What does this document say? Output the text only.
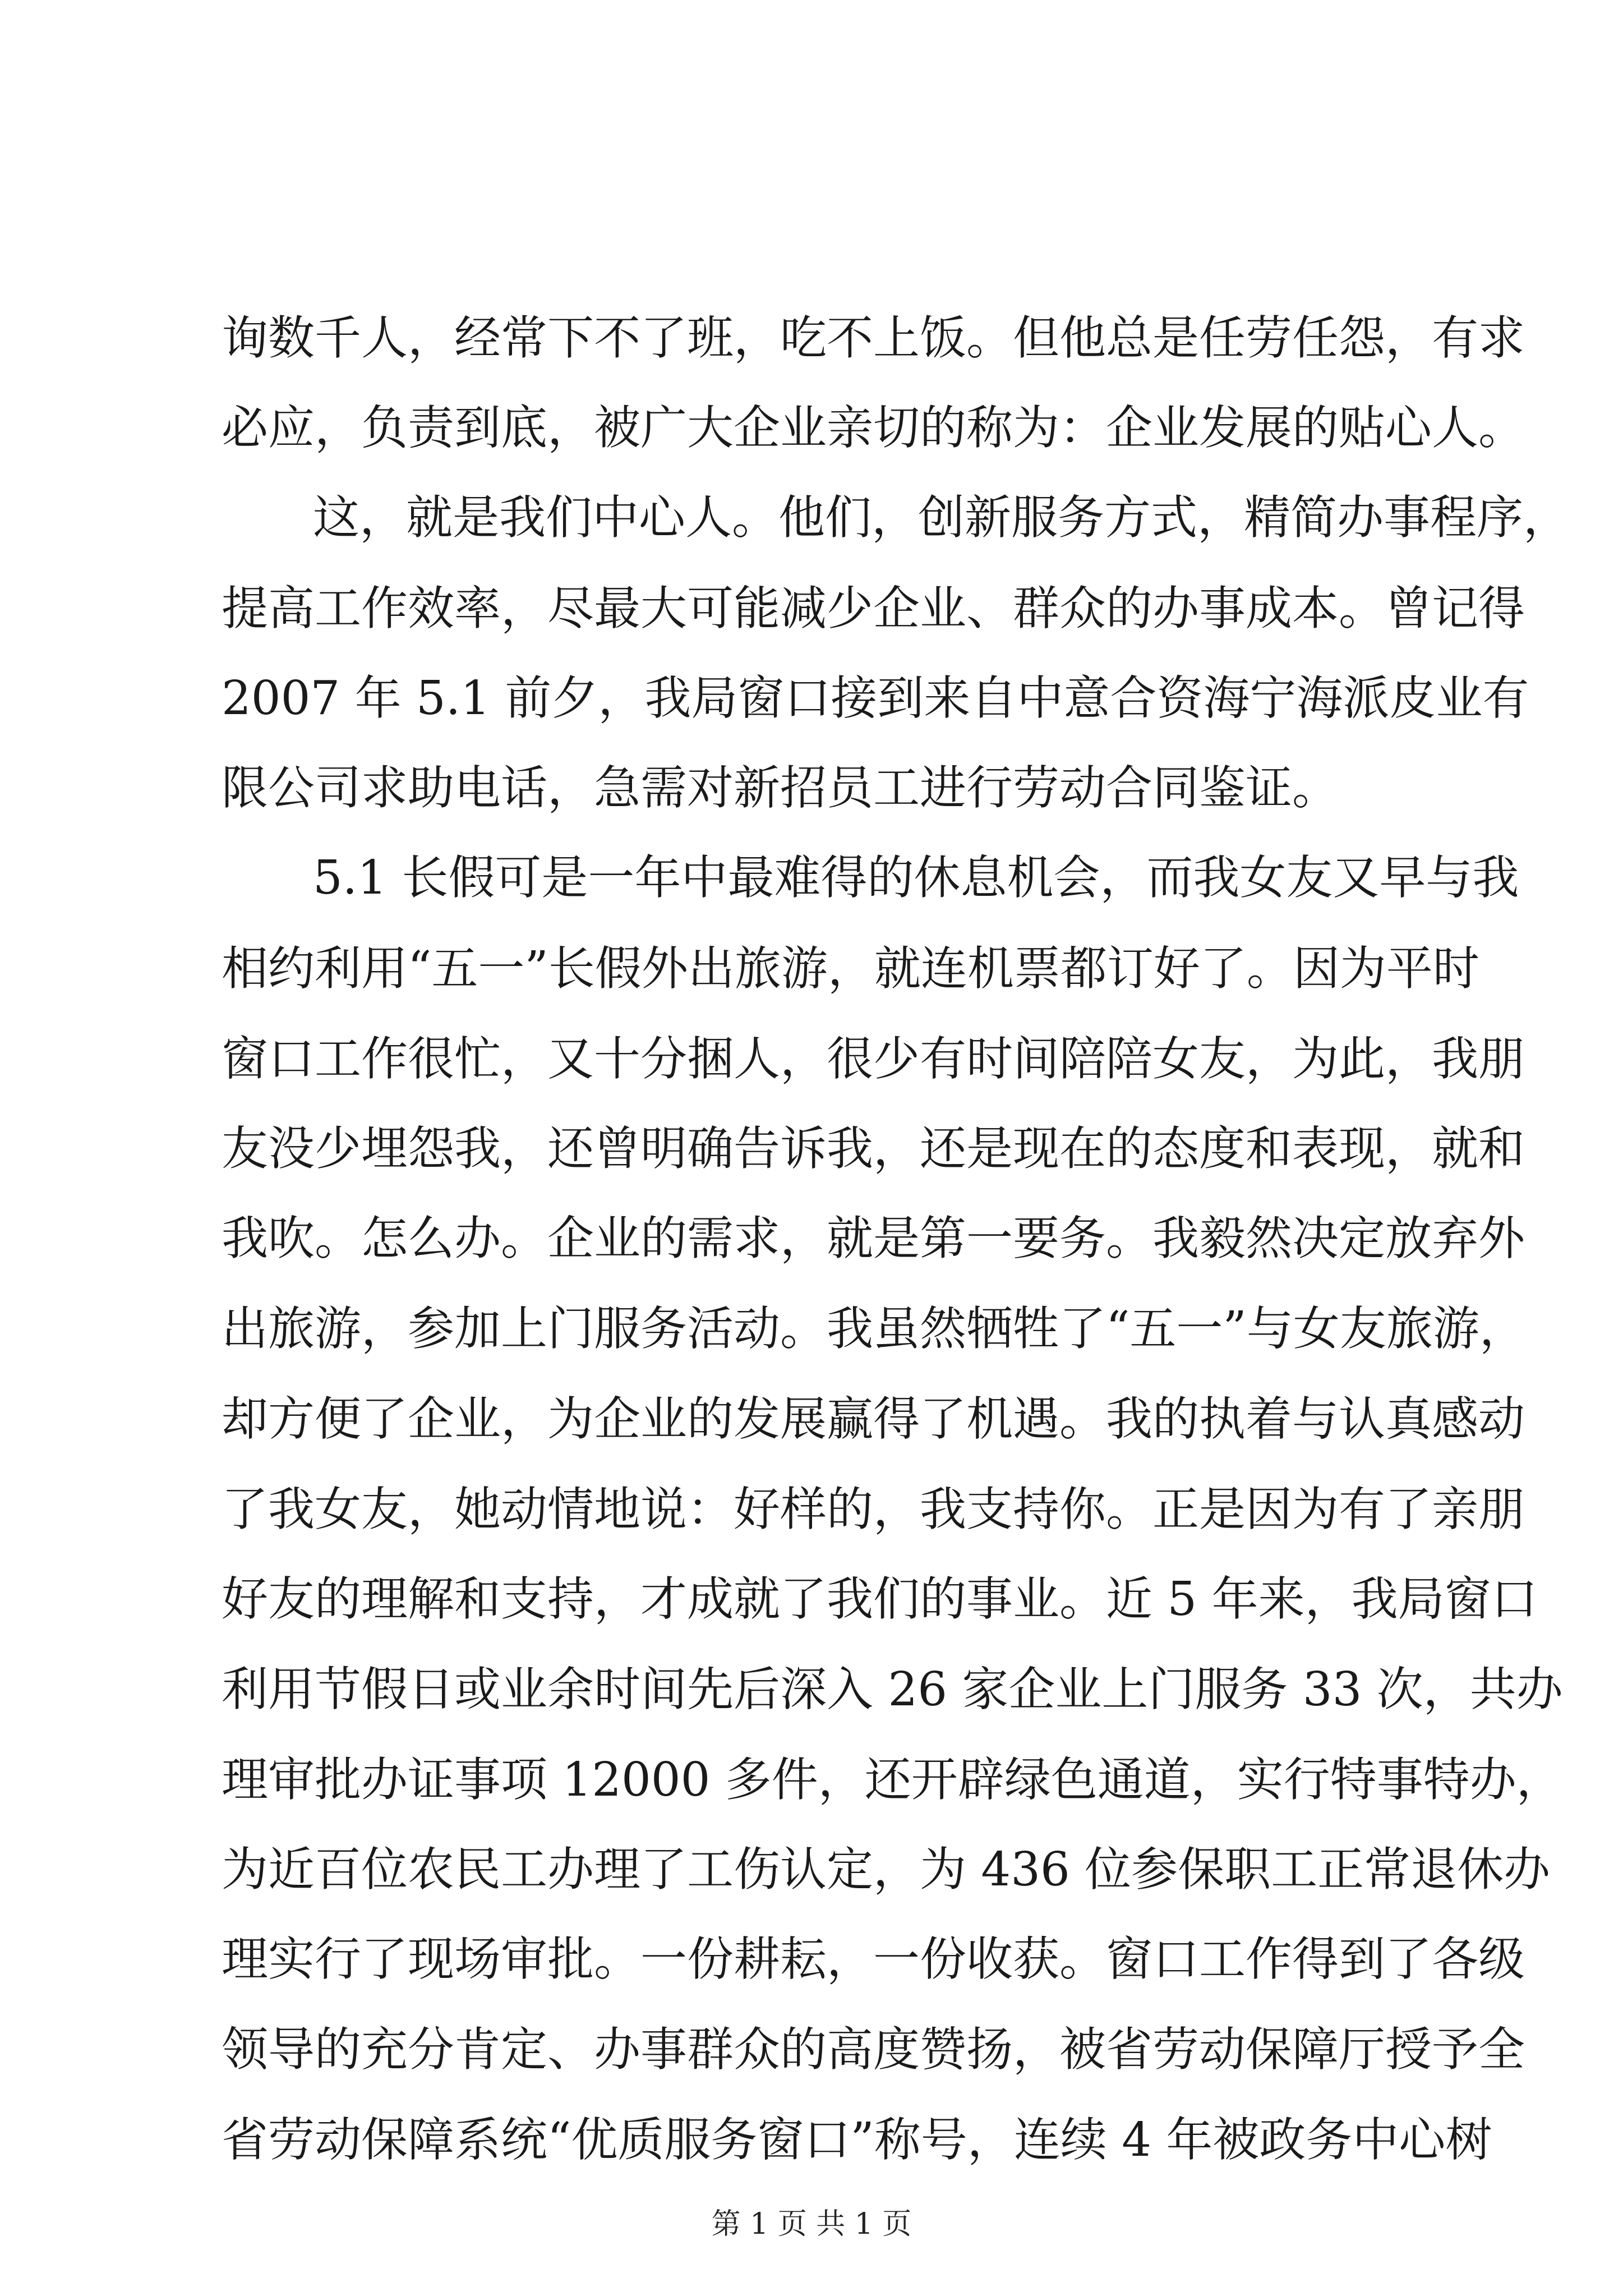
询数千人，经常下不了班，吃不上饭。但他总是任劳任怨，有求
必应，负责到底，被广大企业亲切的称为：企业发展的贴心人。
这，就是我们中心人。他们，创新服务方式，精简办事程序，
提高工作效率，尽最大可能减少企业、群众的办事成本。曾记得
2007 年 5.1 前夕，我局窗口接到来自中意合资海宁海派皮业有
限公司求助电话，急需对新招员工进行劳动合同鉴证。
5.1 长假可是一年中最难得的休息机会，而我女友又早与我
相约利用“五一”长假外出旅游，就连机票都订好了。因为平时
窗口工作很忙，又十分捆人，很少有时间陪陪女友，为此，我朋
友没少埋怨我，还曾明确告诉我，还是现在的态度和表现，就和
我吹。怎么办。企业的需求，就是第一要务。我毅然决定放弃外
出旅游，参加上门服务活动。我虽然牺牲了“五一”与女友旅游，
却方便了企业，为企业的发展赢得了机遇。我的执着与认真感动
了我女友，她动情地说：好样的，我支持你。正是因为有了亲朋
好友的理解和支持，才成就了我们的事业。近 5 年来，我局窗口
利用节假日或业余时间先后深入 26 家企业上门服务 33 次，共办
理审批办证事项 12000 多件，还开辟绿色通道，实行特事特办，
为近百位农民工办理了工伤认定，为 436 位参保职工正常退休办
理实行了现场审批。一份耕耘，一份收获。窗口工作得到了各级
领导的充分肯定、办事群众的高度赞扬，被省劳动保障厅授予全
省劳动保障系统“优质服务窗口”称号，连续 4 年被政务中心树
第 1 页 共 1 页
